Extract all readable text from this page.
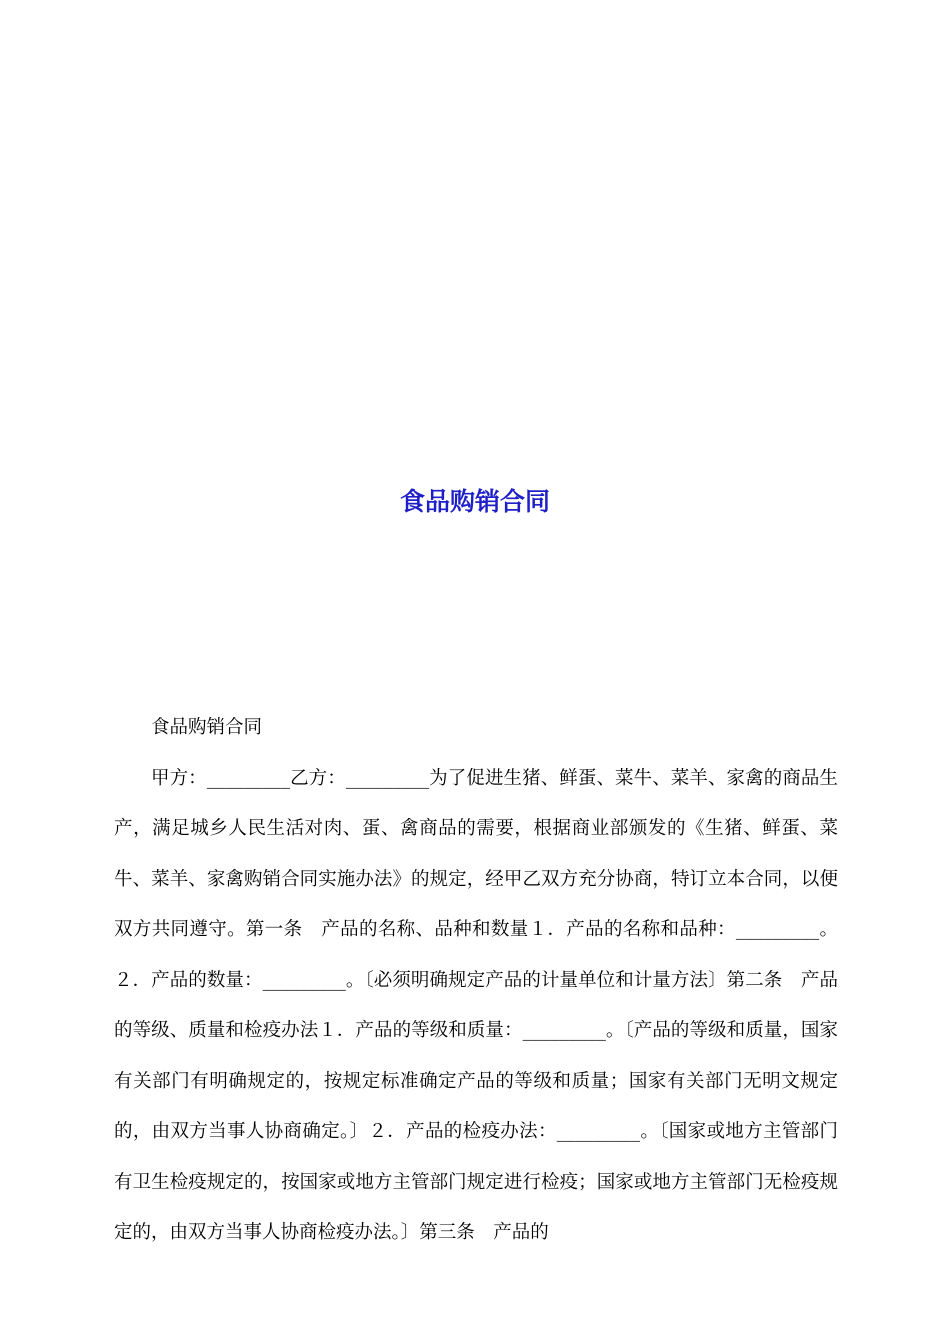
食品购销合同

食品购销合同

甲方：_________乙方：_________为了促进生猪、鲜蛋、菜牛、菜羊、家禽的商品生产，满足城乡人民生活对肉、蛋、禽商品的需要，根据商业部颁发的《生猪、鲜蛋、菜牛、菜羊、家禽购销合同实施办法》的规定，经甲乙双方充分协商，特订立本合同，以便双方共同遵守。第一条　产品的名称、品种和数量１．产品的名称和品种：_________。２．产品的数量：_________。〔必须明确规定产品的计量单位和计量方法〕第二条　产品的等级、质量和检疫办法１．产品的等级和质量：_________。〔产品的等级和质量，国家有关部门有明确规定的，按规定标准确定产品的等级和质量；国家有关部门无明文规定的，由双方当事人协商确定。〕２．产品的检疫办法：_________。〔国家或地方主管部门有卫生检疫规定的，按国家或地方主管部门规定进行检疫；国家或地方主管部门无检疫规定的，由双方当事人协商检疫办法。〕第三条　产品的
